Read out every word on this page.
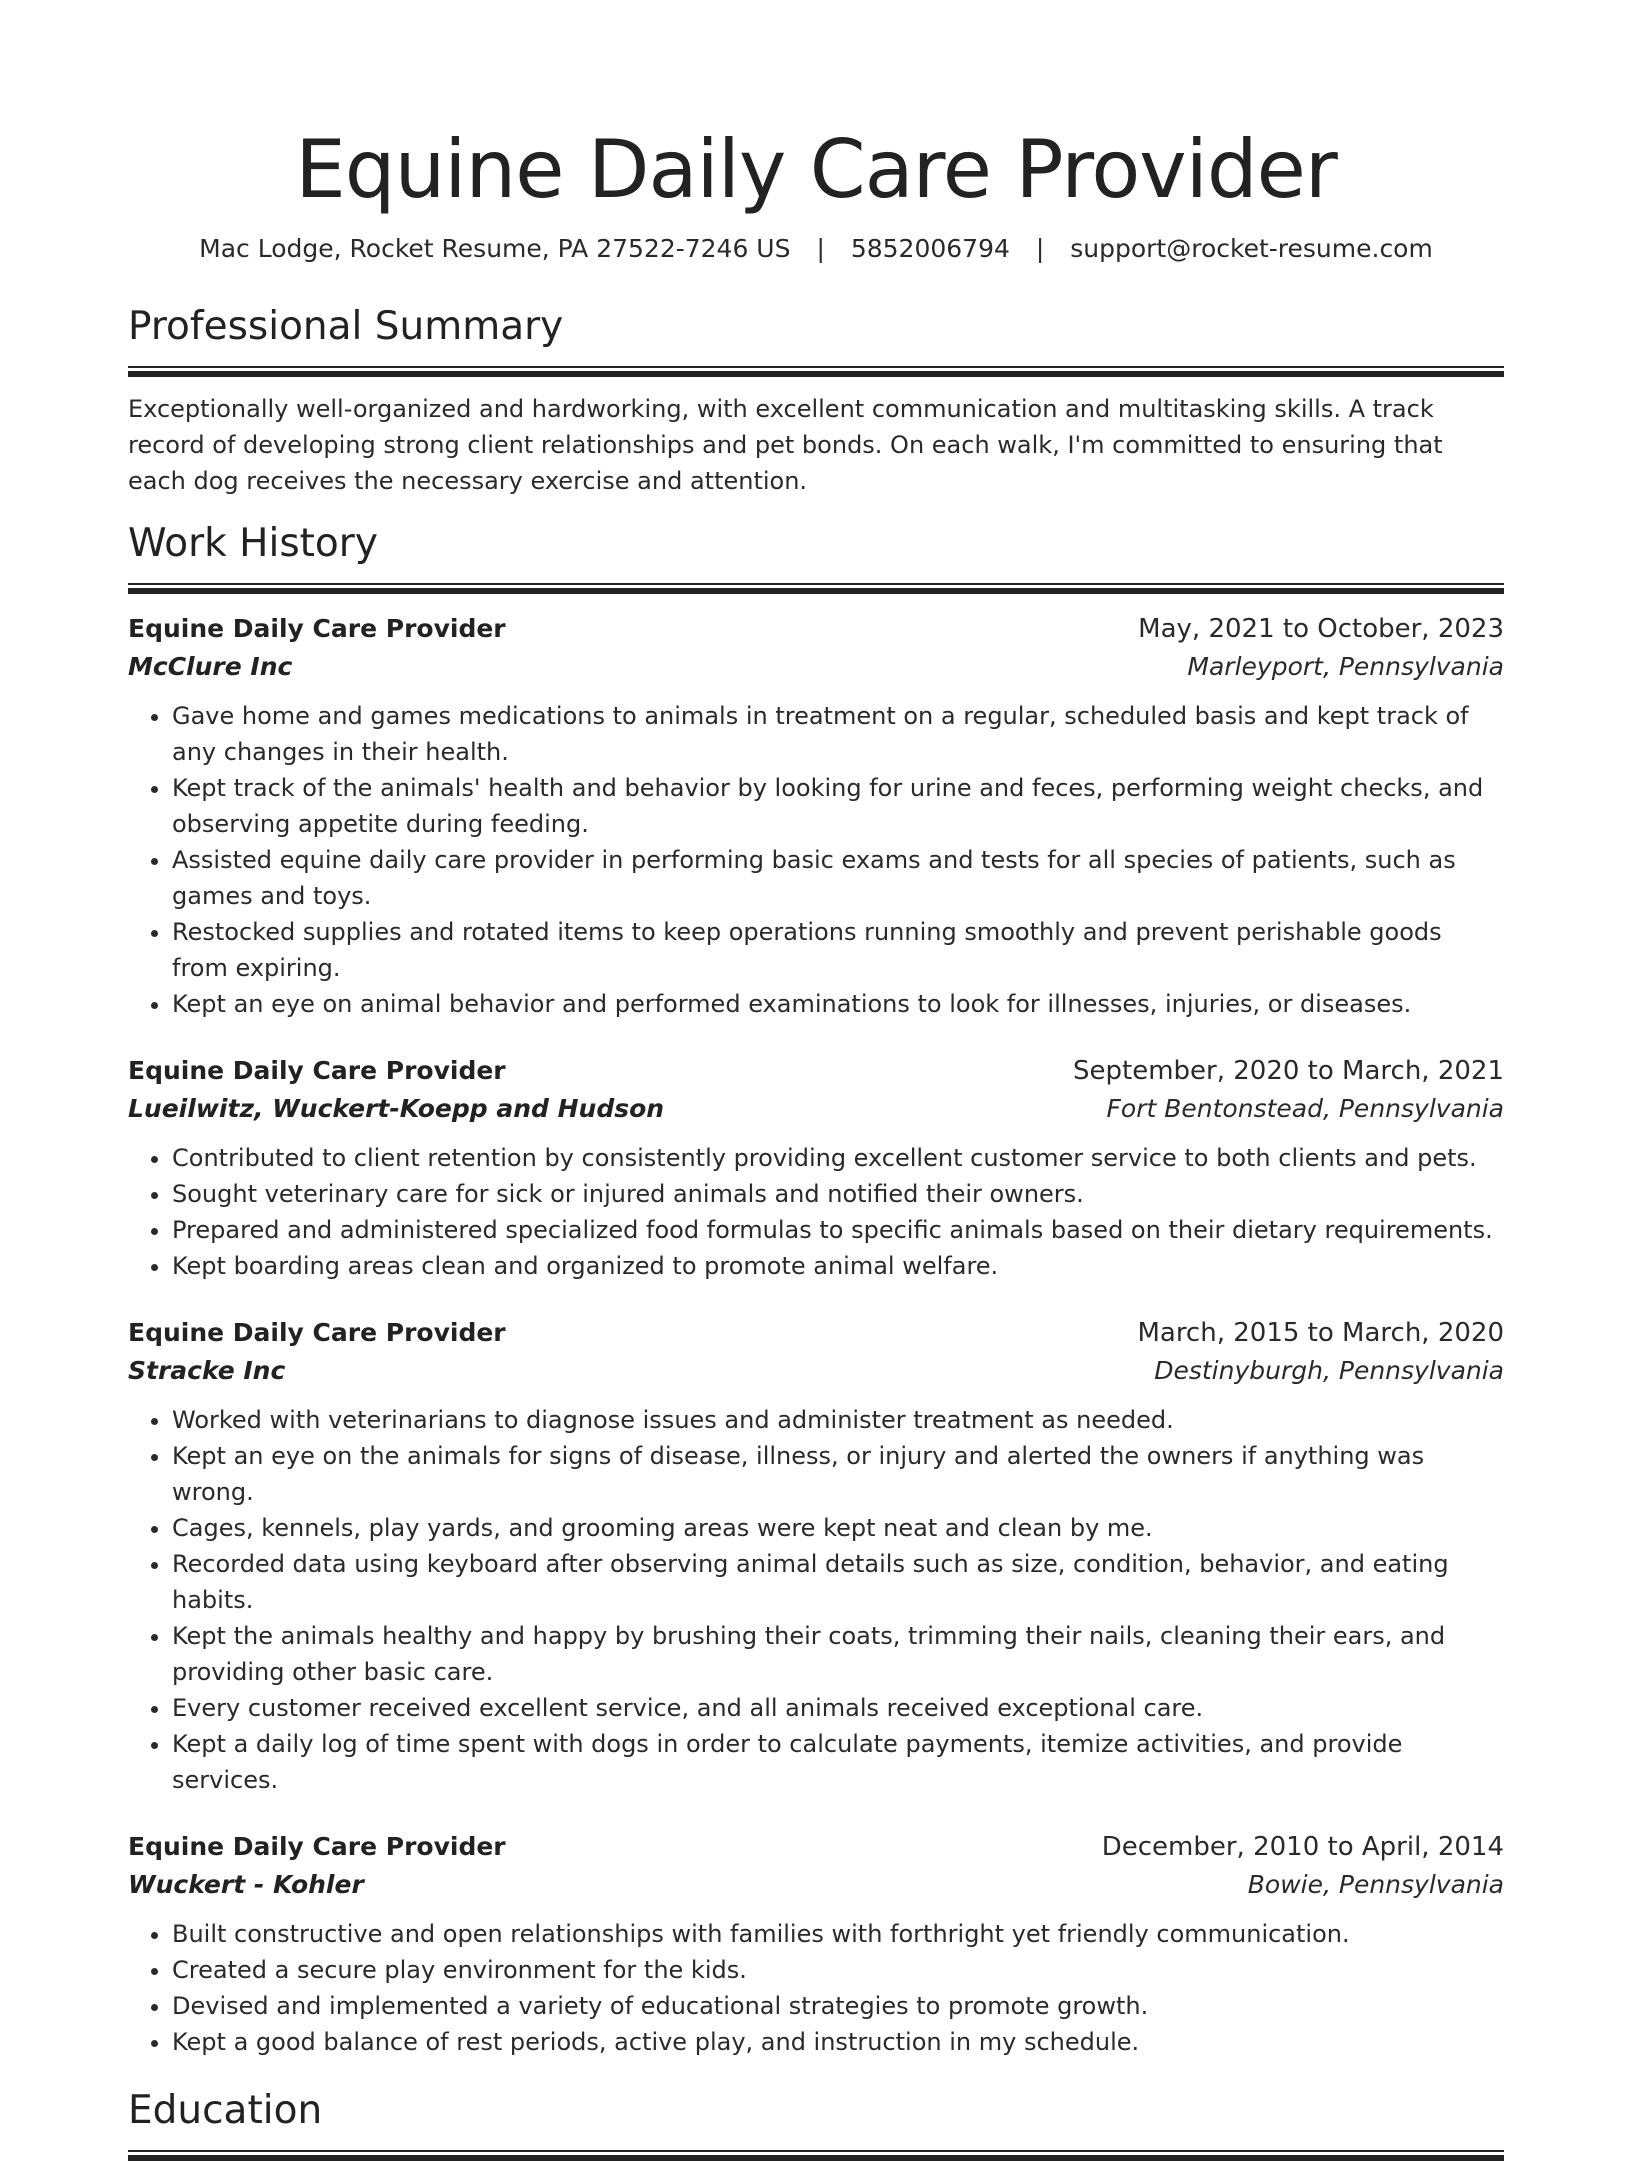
Equine Daily Care Provider
Mac Lodge, Rocket Resume, PA 27522-7246 US | 5852006794 | support@rocket-resume.com
Professional Summary

Exceptionally well-organized and hardworking, with excellent communication and multitasking skills. A track record of developing strong client relationships and pet bonds. On each walk, I'm committed to ensuring that each dog receives the necessary exercise and attention.

Work History
Equine Daily Care Provider	May, 2021 to October, 2023
McClure Inc	Marleyport, Pennsylvania
• Gave home and games medications to animals in treatment on a regular, scheduled basis and kept track of any changes in their health.
• Kept track of the animals' health and behavior by looking for urine and feces, performing weight checks, and observing appetite during feeding.
• Assisted equine daily care provider in performing basic exams and tests for all species of patients, such as games and toys.
• Restocked supplies and rotated items to keep operations running smoothly and prevent perishable goods from expiring.
• Kept an eye on animal behavior and performed examinations to look for illnesses, injuries, or diseases.
Equine Daily Care Provider	September, 2020 to March, 2021
Lueilwitz, Wuckert-Koepp and Hudson	Fort Bentonstead, Pennsylvania
• Contributed to client retention by consistently providing excellent customer service to both clients and pets.
• Sought veterinary care for sick or injured animals and notified their owners.
• Prepared and administered specialized food formulas to specific animals based on their dietary requirements.
• Kept boarding areas clean and organized to promote animal welfare.
Equine Daily Care Provider	March, 2015 to March, 2020
Stracke Inc	Destinyburgh, Pennsylvania
• Worked with veterinarians to diagnose issues and administer treatment as needed.
• Kept an eye on the animals for signs of disease, illness, or injury and alerted the owners if anything was wrong.
• Cages, kennels, play yards, and grooming areas were kept neat and clean by me.
• Recorded data using keyboard after observing animal details such as size, condition, behavior, and eating habits.
• Kept the animals healthy and happy by brushing their coats, trimming their nails, cleaning their ears, and providing other basic care.
• Every customer received excellent service, and all animals received exceptional care.
• Kept a daily log of time spent with dogs in order to calculate payments, itemize activities, and provide services.
Equine Daily Care Provider	December, 2010 to April, 2014
Wuckert - Kohler	Bowie, Pennsylvania
• Built constructive and open relationships with families with forthright yet friendly communication.
• Created a secure play environment for the kids.
• Devised and implemented a variety of educational strategies to promote growth.
• Kept a good balance of rest periods, active play, and instruction in my schedule.
Education
